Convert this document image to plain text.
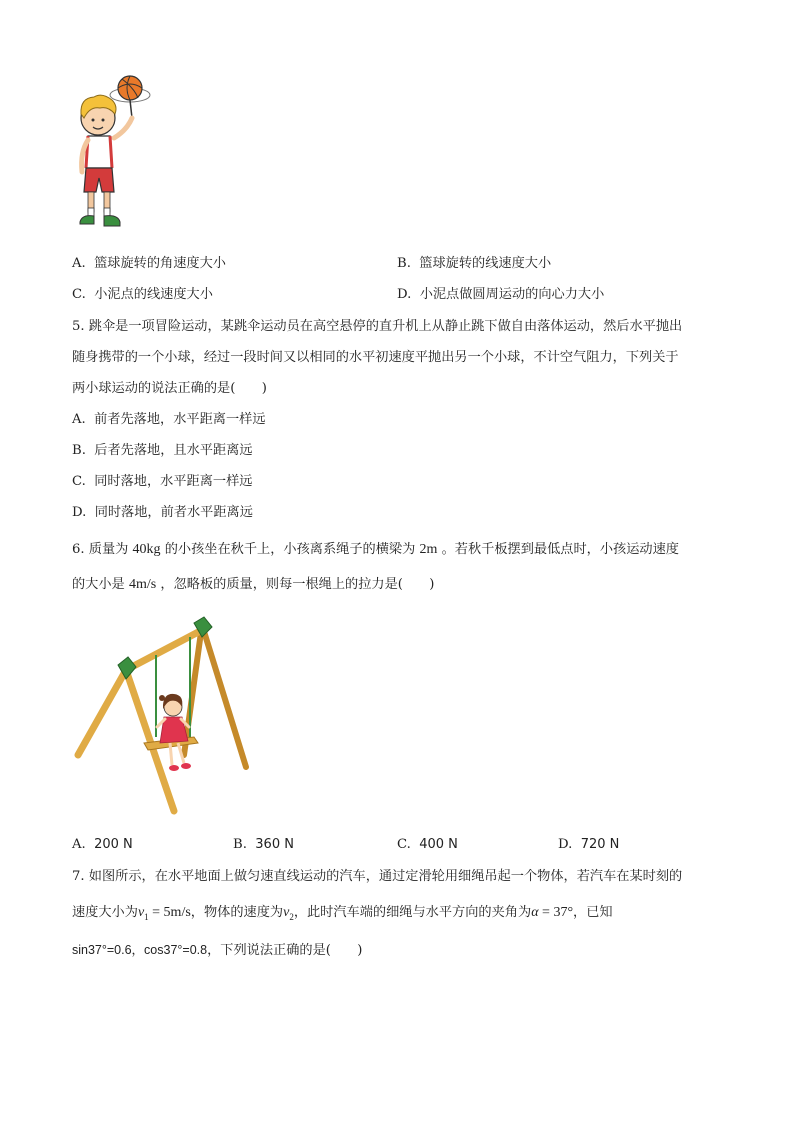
A. 篮球旋转的角速度大小	B. 篮球旋转的线速度大小
C. 小泥点的线速度大小	D. 小泥点做圆周运动的向心力大小
5. 跳伞是一项冒险运动，某跳伞运动员在高空悬停的直升机上从静止跳下做自由落体运动，然后水平抛出
随身携带的一个小球，经过一段时间又以相同的水平初速度平抛出另一个小球，不计空气阻力，下列关于
两小球运动的说法正确的是(　　)
A. 前者先落地，水平距离一样远
B. 后者先落地，且水平距离远
C. 同时落地，水平距离一样远
D. 同时落地，前者水平距离远
6. 质量为 40kg 的小孩坐在秋千上，小孩离系绳子的横梁为 2m 。若秋千板摆到最低点时，小孩运动速度
的大小是 4m/s ，忽略板的质量，则每一根绳上的拉力是(　　)
A. 200 N	B. 360 N	C. 400 N	D. 720 N
7. 如图所示，在水平地面上做匀速直线运动的汽车，通过定滑轮用细绳吊起一个物体，若汽车在某时刻的
速度大小为$v_1 = 5m/s$，物体的速度为$v_2$，此时汽车端的细绳与水平方向的夹角为α = 37°，已知
sin37°=0.6，cos37°=0.8，下列说法正确的是(　　)
